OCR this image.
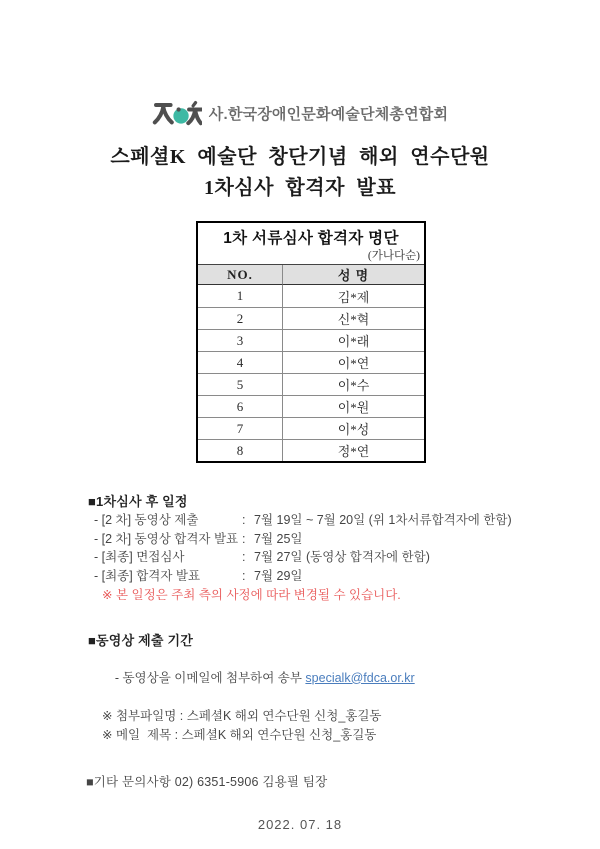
사.한국장애인문화예술단체총연합회
스페셜K 예술단 창단기념 해외 연수단원
1차심사 합격자 발표
1차 서류심사 합격자 명단
(가나다순)
NO.	성 명
1	김*제
2	신*혁
3	이*래
4	이*연
5	이*수
6	이*원
7	이*성
8	정*연
■1차심사 후 일정
- [2 차] 동영상 제출	: 7월 19일 ~ 7월 20일 (위 1차서류합격자에 한함)
- [2 차] 동영상 합격자 발표 : 7월 25일
- [최종] 면접심사	: 7월 27일 (동영상 합격자에 한함)
- [최종] 합격자 발표	: 7월 29일
※ 본 일정은 주최 측의 사정에 따라 변경될 수 있습니다.
■동영상 제출 기간

- 동영상을 이메일에 첨부하여 송부 specialk@fdca.or.kr

※ 첨부파일명 : 스페셜K 해외 연수단원 신청_홍길동
※ 메일  제목 : 스페셜K 해외 연수단원 신청_홍길동
■기타 문의사항 02) 6351-5906 김용필 팀장
2022. 07. 18
